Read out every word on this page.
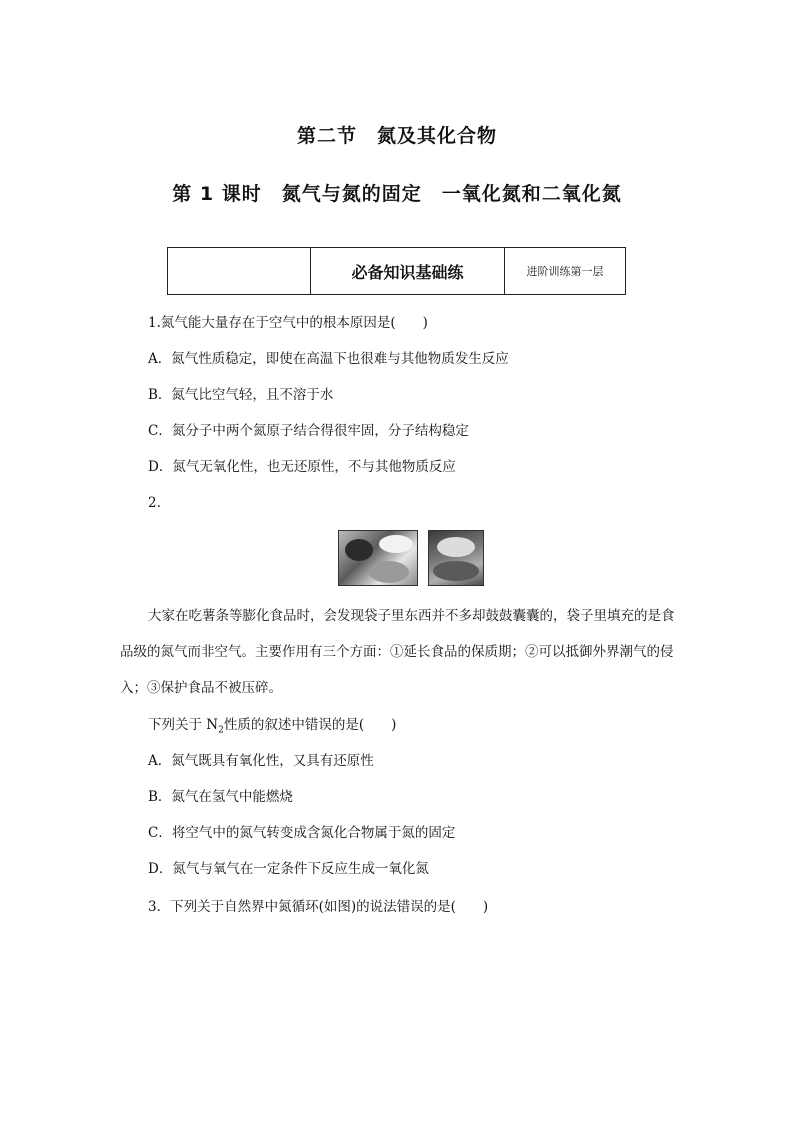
第二节　氮及其化合物
第 1 课时　氮气与氮的固定　一氧化氮和二氧化氮
必备知识基础练	进阶训练第一层
1.氮气能大量存在于空气中的根本原因是(　　)
A．氮气性质稳定，即使在高温下也很难与其他物质发生反应
B．氮气比空气轻，且不溶于水
C．氮分子中两个氮原子结合得很牢固，分子结构稳定
D．氮气无氧化性，也无还原性，不与其他物质反应
2.
大家在吃薯条等膨化食品时，会发现袋子里东西并不多却鼓鼓囊囊的，袋子里填充的是食品级的氮气而非空气。主要作用有三个方面：①延长食品的保质期；②可以抵御外界潮气的侵入；③保护食品不被压碎。
下列关于 $N_2$性质的叙述中错误的是(　　)
A．氮气既具有氧化性，又具有还原性
B．氮气在氢气中能燃烧
C．将空气中的氮气转变成含氮化合物属于氮的固定
D．氮气与氧气在一定条件下反应生成一氧化氮
3．下列关于自然界中氮循环(如图)的说法错误的是(　　)
